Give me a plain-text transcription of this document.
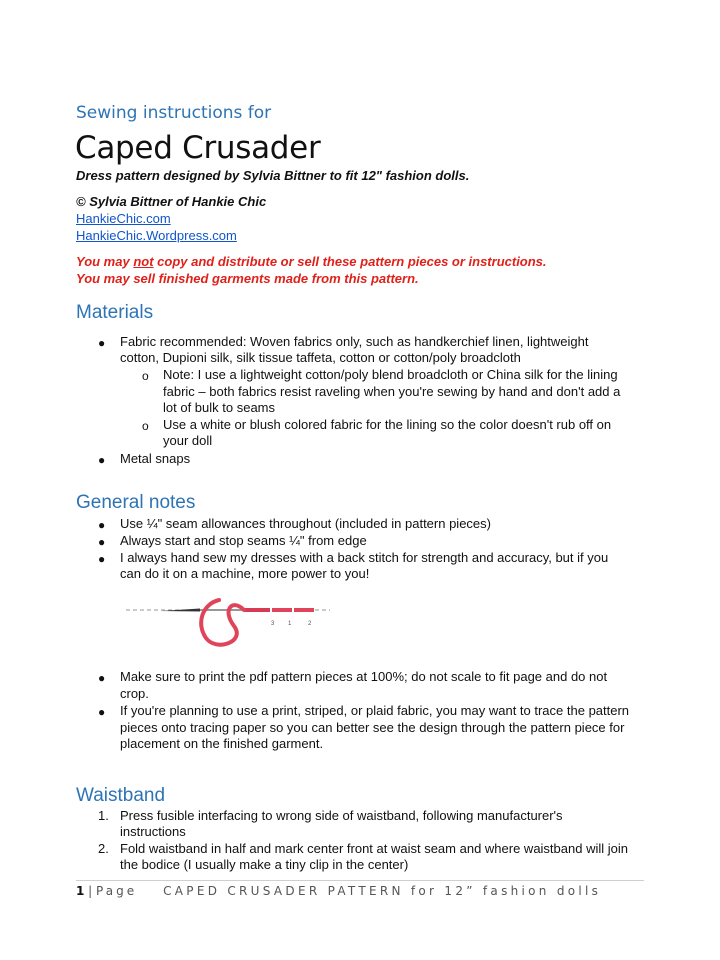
Sewing instructions for
Caped Crusader
Dress pattern designed by Sylvia Bittner to fit 12" fashion dolls.
© Sylvia Bittner of Hankie Chic
HankieChic.com
HankieChic.Wordpress.com
You may not copy and distribute or sell these pattern pieces or instructions.
You may sell finished garments made from this pattern.
Materials
● Fabric recommended: Woven fabrics only, such as handkerchief linen, lightweight
cotton, Dupioni silk, silk tissue taffeta, cotton or cotton/poly broadcloth
o Note: I use a lightweight cotton/poly blend broadcloth or China silk for the lining
fabric – both fabrics resist raveling when you're sewing by hand and don't add a
lot of bulk to seams
o Use a white or blush colored fabric for the lining so the color doesn't rub off on
your doll
● Metal snaps
General notes
● Use ¼" seam allowances throughout (included in pattern pieces)
● Always start and stop seams ¼" from edge
● I always hand sew my dresses with a back stitch for strength and accuracy, but if you
can do it on a machine, more power to you!
3 1	2
● Make sure to print the pdf pattern pieces at 100%; do not scale to fit page and do not
crop.
● If you're planning to use a print, striped, or plaid fabric, you may want to trace the pattern
pieces onto tracing paper so you can better see the design through the pattern piece for
placement on the finished garment.
Waistband
1. Press fusible interfacing to wrong side of waistband, following manufacturer's
instructions
2. Fold waistband in half and mark center front at waist seam and where waistband will join
the bodice (I usually make a tiny clip in the center)
1 | Page CAPED CRUSADER PATTERN for 12” fashion dolls
